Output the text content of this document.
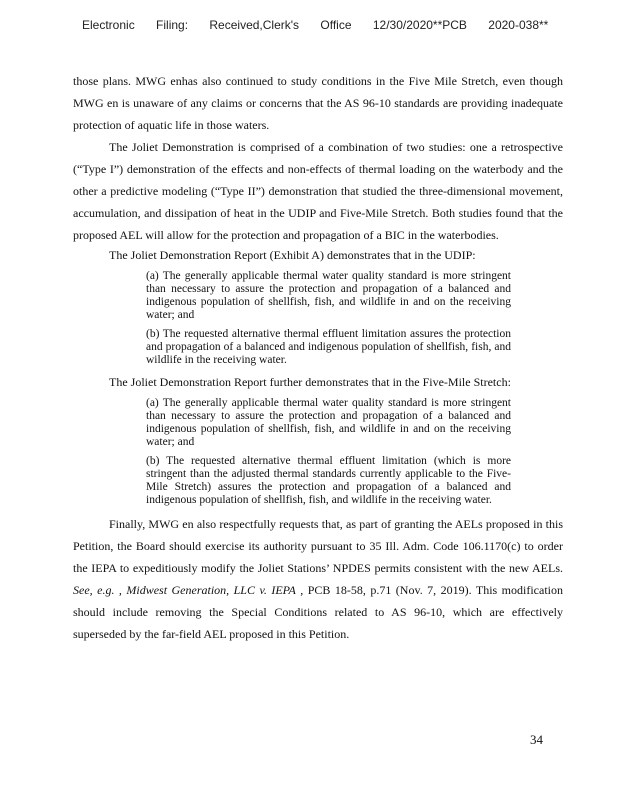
Electronic Filing: Received,Clerk's Office 12/30/2020**PCB 2020-038**

those plans. MWG enhas also continued to study conditions in the Five Mile Stretch, even though MWG en is unaware of any claims or concerns that the AS 96-10 standards are providing inadequate protection of aquatic life in those waters.

The Joliet Demonstration is comprised of a combination of two studies: one a retrospective (“Type I”) demonstration of the effects and non-effects of thermal loading on the waterbody and the other a predictive modeling (“Type II”) demonstration that studied the three-dimensional movement, accumulation, and dissipation of heat in the UDIP and Five-Mile Stretch. Both studies found that the proposed AEL will allow for the protection and propagation of a BIC in the waterbodies.

The Joliet Demonstration Report (Exhibit A) demonstrates that in the UDIP:

(a) The generally applicable thermal water quality standard is more stringent than necessary to assure the protection and propagation of a balanced and indigenous population of shellfish, fish, and wildlife in and on the receiving water; and

(b) The requested alternative thermal effluent limitation assures the protection and propagation of a balanced and indigenous population of shellfish, fish, and wildlife in the receiving water.

The Joliet Demonstration Report further demonstrates that in the Five-Mile Stretch:

(a) The generally applicable thermal water quality standard is more stringent than necessary to assure the protection and propagation of a balanced and indigenous population of shellfish, fish, and wildlife in and on the receiving water; and

(b) The requested alternative thermal effluent limitation (which is more stringent than the adjusted thermal standards currently applicable to the Five-Mile Stretch) assures the protection and propagation of a balanced and indigenous population of shellfish, fish, and wildlife in the receiving water.

Finally, MWG en also respectfully requests that, as part of granting the AELs proposed in this Petition, the Board should exercise its authority pursuant to 35 Ill. Adm. Code 106.1170(c) to order the IEPA to expeditiously modify the Joliet Stations’ NPDES permits consistent with the new AELs. See, e.g. , Midwest Generation, LLC v. IEPA , PCB 18-58, p.71 (Nov. 7, 2019). This modification should include removing the Special Conditions related to AS 96-10, which are effectively superseded by the far-field AEL proposed in this Petition.

34
